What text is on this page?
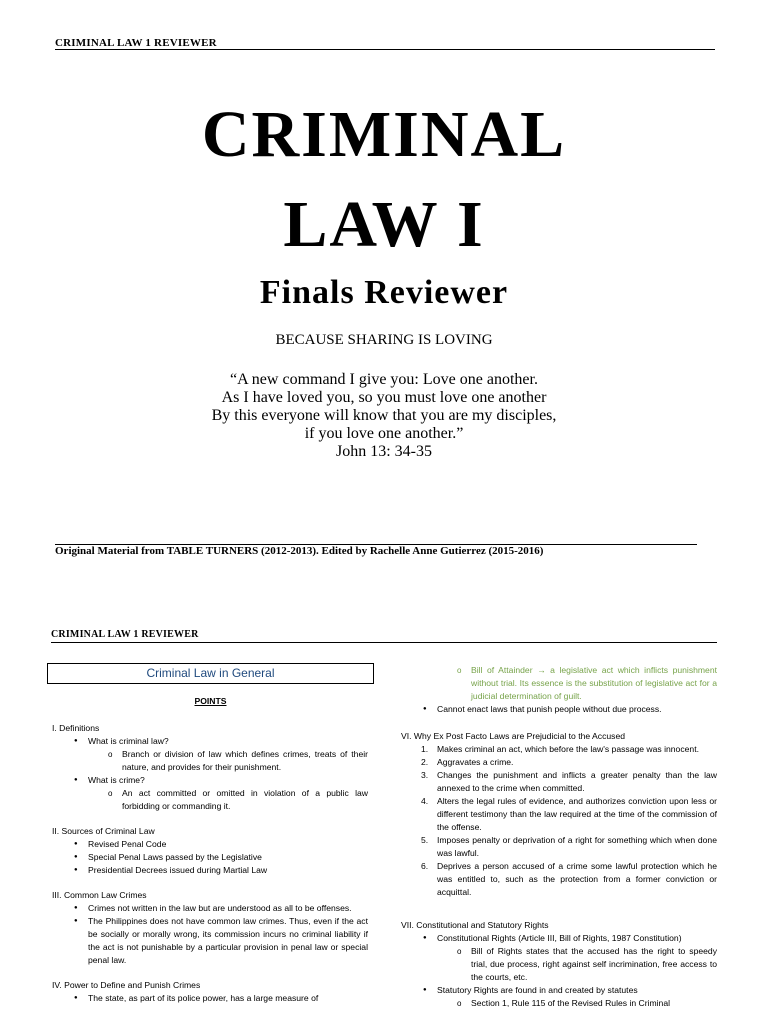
CRIMINAL LAW 1 REVIEWER
CRIMINAL
LAW I
Finals Reviewer
BECAUSE SHARING IS LOVING
“A new command I give you: Love one another.
As I have loved you, so you must love one another
By this everyone will know that you are my disciples,
if you love one another.”
John 13: 34-35
Original Material from TABLE TURNERS (2012-2013). Edited by Rachelle Anne Gutierrez (2015-2016)
CRIMINAL LAW 1 REVIEWER
Criminal Law in General
POINTS

I. Definitions

● What is criminal law?
o Branch or division of law which defines crimes, treats of their nature, and provides for their punishment.
● What is crime?
o An act committed or omitted in violation of a public law forbidding or commanding it.

II. Sources of Criminal Law

● Revised Penal Code
● Special Penal Laws passed by the Legislative
● Presidential Decrees issued during Martial Law

III. Common Law Crimes

● Crimes not written in the law but are understood as all to be offenses.
● The Philippines does not have common law crimes. Thus, even if the act be socially or morally wrong, its commission incurs no criminal liability if the act is not punishable by a particular provision in penal law or special penal law.

IV. Power to Define and Punish Crimes

● The state, as part of its police power, has a large measure of
o Bill of Attainder → a legislative act which inflicts punishment without trial. Its essence is the substitution of legislative act for a judicial determination of guilt.
● Cannot enact laws that punish people without due process.

VI. Why Ex Post Facto Laws are Prejudicial to the Accused

1. Makes criminal an act, which before the law's passage was innocent.
2. Aggravates a crime.
3. Changes the punishment and inflicts a greater penalty than the law annexed to the crime when committed.
4. Alters the legal rules of evidence, and authorizes conviction upon less or different testimony than the law required at the time of the commission of the offense.
5. Imposes penalty or deprivation of a right for something which when done was lawful.
6. Deprives a person accused of a crime some lawful protection which he was entitled to, such as the protection from a former conviction or acquittal.

VII. Constitutional and Statutory Rights

● Constitutional Rights (Article III, Bill of Rights, 1987 Constitution)
o Bill of Rights states that the accused has the right to speedy trial, due process, right against self incrimination, free access to the courts, etc.
● Statutory Rights are found in and created by statutes
o Section 1, Rule 115 of the Revised Rules in Criminal
